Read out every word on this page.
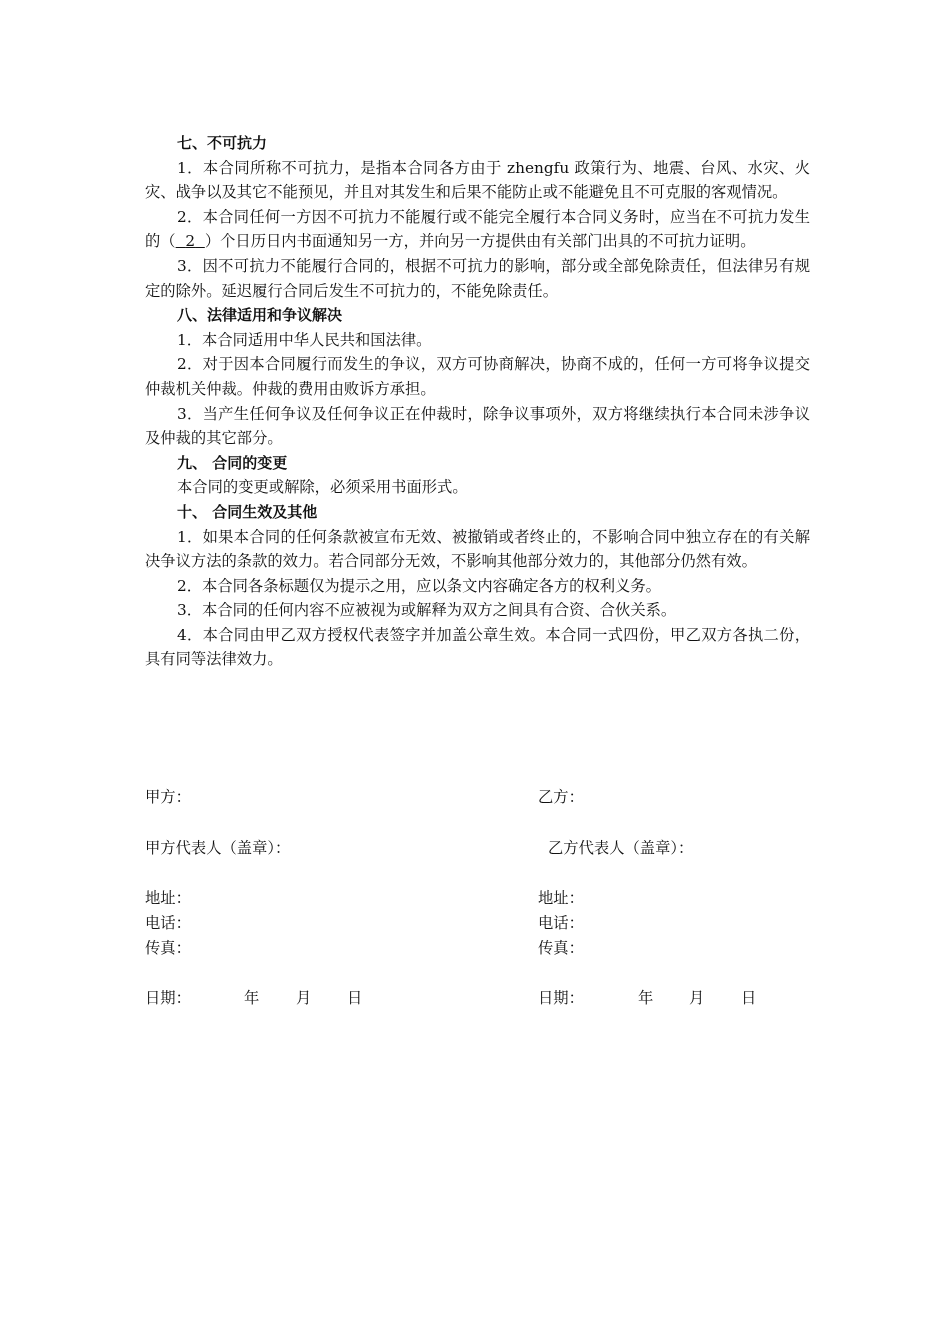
七、不可抗力

1．本合同所称不可抗力，是指本合同各方由于 zhengfu 政策行为、地震、台风、水灾、火灾、战争以及其它不能预见，并且对其发生和后果不能防止或不能避免且不可克服的客观情况。

2．本合同任何一方因不可抗力不能履行或不能完全履行本合同义务时，应当在不可抗力发生的（ 2 ）个日历日内书面通知另一方，并向另一方提供由有关部门出具的不可抗力证明。

3．因不可抗力不能履行合同的，根据不可抗力的影响，部分或全部免除责任，但法律另有规定的除外。延迟履行合同后发生不可抗力的，不能免除责任。

八、法律适用和争议解决

1．本合同适用中华人民共和国法律。

2．对于因本合同履行而发生的争议，双方可协商解决，协商不成的，任何一方可将争议提交仲裁机关仲裁。仲裁的费用由败诉方承担。

3．当产生任何争议及任何争议正在仲裁时，除争议事项外，双方将继续执行本合同未涉争议及仲裁的其它部分。

九、 合同的变更

本合同的变更或解除，必须采用书面形式。

十、 合同生效及其他

1．如果本合同的任何条款被宣布无效、被撤销或者终止的，不影响合同中独立存在的有关解决争议方法的条款的效力。若合同部分无效，不影响其他部分效力的，其他部分仍然有效。

2．本合同各条标题仅为提示之用，应以条文内容确定各方的权利义务。

3．本合同的任何内容不应被视为或解释为双方之间具有合资、合伙关系。

4．本合同由甲乙双方授权代表签字并加盖公章生效。本合同一式四份，甲乙双方各执二份，具有同等法律效力。

甲方：	乙方：
甲方代表人（盖章）：	乙方代表人（盖章）：
地址：	地址：
电话：	电话：
传真：	传真：
日期：	年 月 日	日期：	年 月 日
